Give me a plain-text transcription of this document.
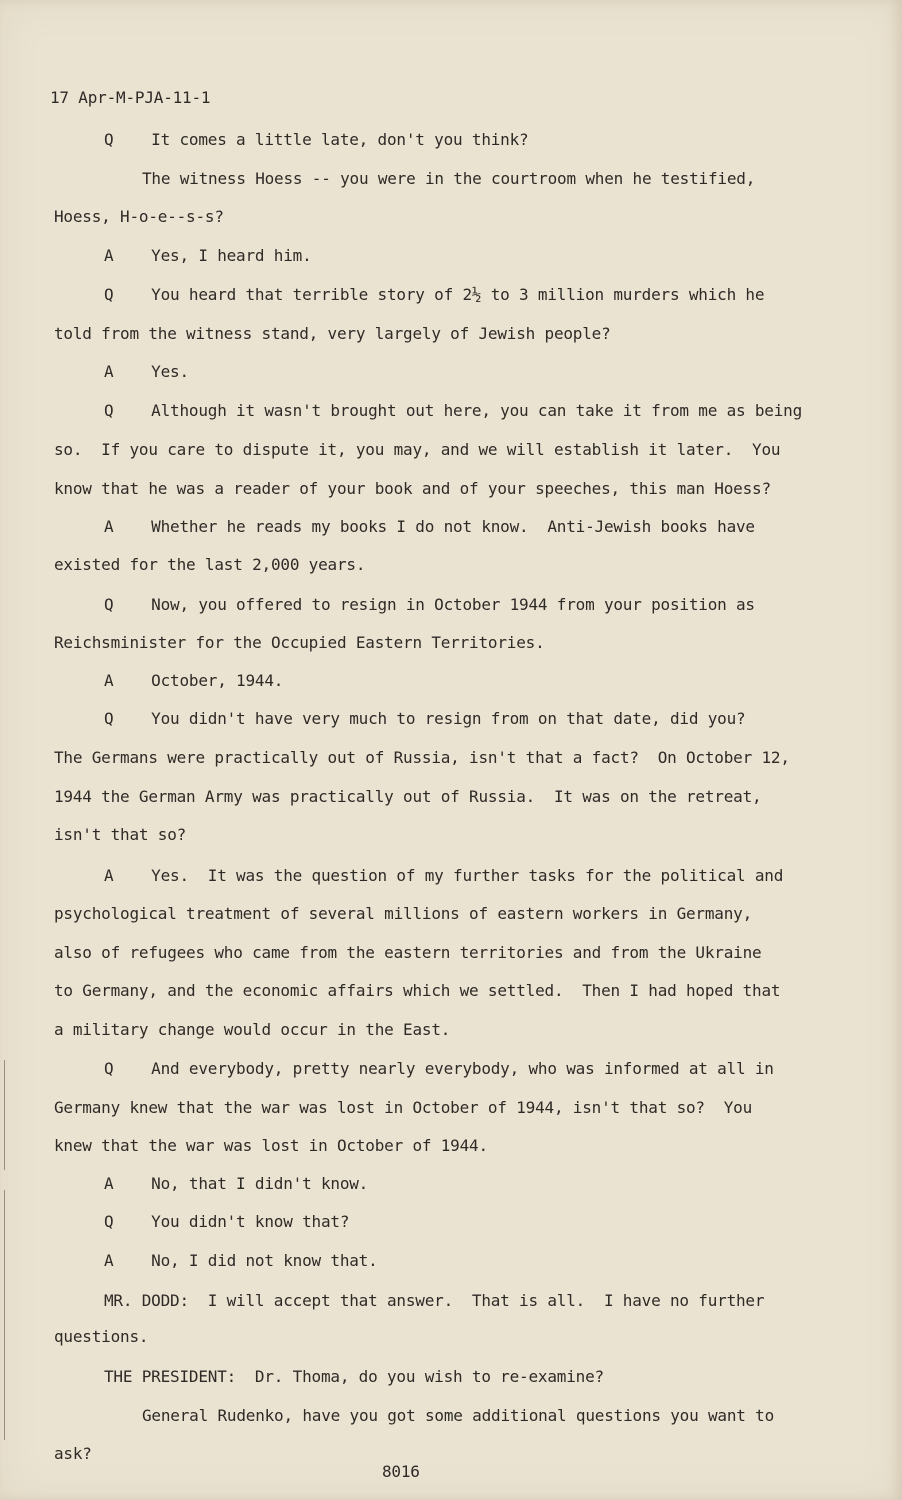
17 Apr-M-PJA-11-1

Q    It comes a little late, don't you think?

The witness Hoess -- you were in the courtroom when he testified,

Hoess, H-o-e--s-s?

A    Yes, I heard him.

Q    You heard that terrible story of 2½ to 3 million murders which he

told from the witness stand, very largely of Jewish people?

A    Yes.

Q    Although it wasn't brought out here, you can take it from me as being

so.  If you care to dispute it, you may, and we will establish it later.  You

know that he was a reader of your book and of your speeches, this man Hoess?

A    Whether he reads my books I do not know.  Anti-Jewish books have

existed for the last 2,000 years.

Q    Now, you offered to resign in October 1944 from your position as

Reichsminister for the Occupied Eastern Territories.

A    October, 1944.

Q    You didn't have very much to resign from on that date, did you?

The Germans were practically out of Russia, isn't that a fact?  On October 12,

1944 the German Army was practically out of Russia.  It was on the retreat,

isn't that so?

A    Yes.  It was the question of my further tasks for the political and

psychological treatment of several millions of eastern workers in Germany,

also of refugees who came from the eastern territories and from the Ukraine

to Germany, and the economic affairs which we settled.  Then I had hoped that

a military change would occur in the East.

Q    And everybody, pretty nearly everybody, who was informed at all in

Germany knew that the war was lost in October of 1944, isn't that so?  You

knew that the war was lost in October of 1944.

A    No, that I didn't know.

Q    You didn't know that?

A    No, I did not know that.

MR. DODD:  I will accept that answer.  That is all.  I have no further

questions.

THE PRESIDENT:  Dr. Thoma, do you wish to re-examine?

General Rudenko, have you got some additional questions you want to

ask?

8016
